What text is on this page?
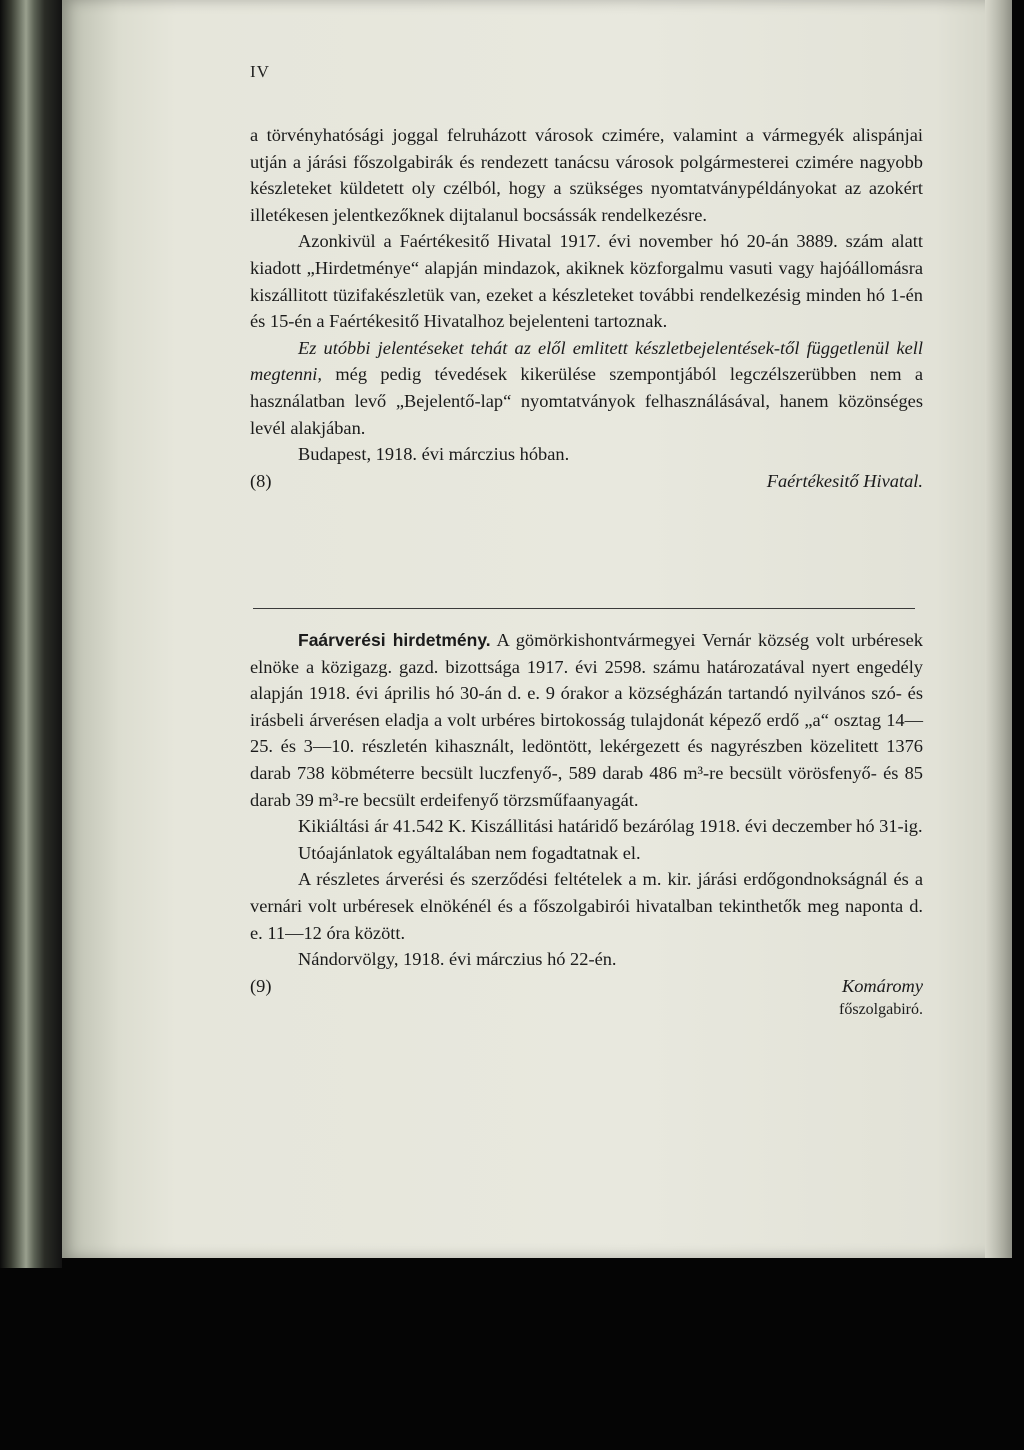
IV

a törvényhatósági joggal felruházott városok czimére, valamint a vármegyék alispánjai utján a járási főszolgabirák és rendezett tanácsu városok polgármesterei czimére nagyobb készleteket küldetett oly czélból, hogy a szükséges nyomtatványpéldányokat az azokért illetékesen jelentkezőknek dijtalanul bocsássák rendelkezésre.

Azonkivül a Faértékesitő Hivatal 1917. évi november hó 20-án 3889. szám alatt kiadott „Hirdetménye“ alapján mindazok, akiknek közforgalmu vasuti vagy hajóállomásra kiszállitott tüzifakészletük van, ezeket a készleteket további rendelkezésig minden hó 1-én és 15-én a Faértékesitő Hivatalhoz bejelenteni tartoznak.

Ez utóbbi jelentéseket tehát az elől emlitett készletbejelentések-től függetlenül kell megtenni, még pedig tévedések kikerülése szempontjából legczélszerübben nem a használatban levő „Bejelentő-lap“ nyomtatványok felhasználásával, hanem közönséges levél alakjában.

Budapest, 1918. évi márczius hóban.

(8)	Faértékesitő Hivatal.

Faárverési hirdetmény. A gömörkishontvármegyei Vernár község volt urbéresek elnöke a közigazg. gazd. bizottsága 1917. évi 2598. számu határozatával nyert engedély alapján 1918. évi április hó 30-án d. e. 9 órakor a községházán tartandó nyilvános szó- és irásbeli árverésen eladja a volt urbéres birtokosság tulajdonát képező erdő „a“ osztag 14—25. és 3—10. részletén kihasznált, ledöntött, lekérgezett és nagyrészben közelitett 1376 darab 738 köbméterre becsült luczfenyő-, 589 darab 486 m³-re becsült vörösfenyő- és 85 darab 39 m³-re becsült erdeifenyő törzsműfaanyagát.

Kikiáltási ár 41.542 K. Kiszállitási határidő bezárólag 1918. évi deczember hó 31-ig.

Utóajánlatok egyáltalában nem fogadtatnak el.

A részletes árverési és szerződési feltételek a m. kir. járási erdőgondnokságnál és a vernári volt urbéresek elnökénél és a főszolgabirói hivatalban tekinthetők meg naponta d. e. 11—12 óra között.

Nándorvölgy, 1918. évi márczius hó 22-én.

(9)	Komáromy
főszolgabiró.
